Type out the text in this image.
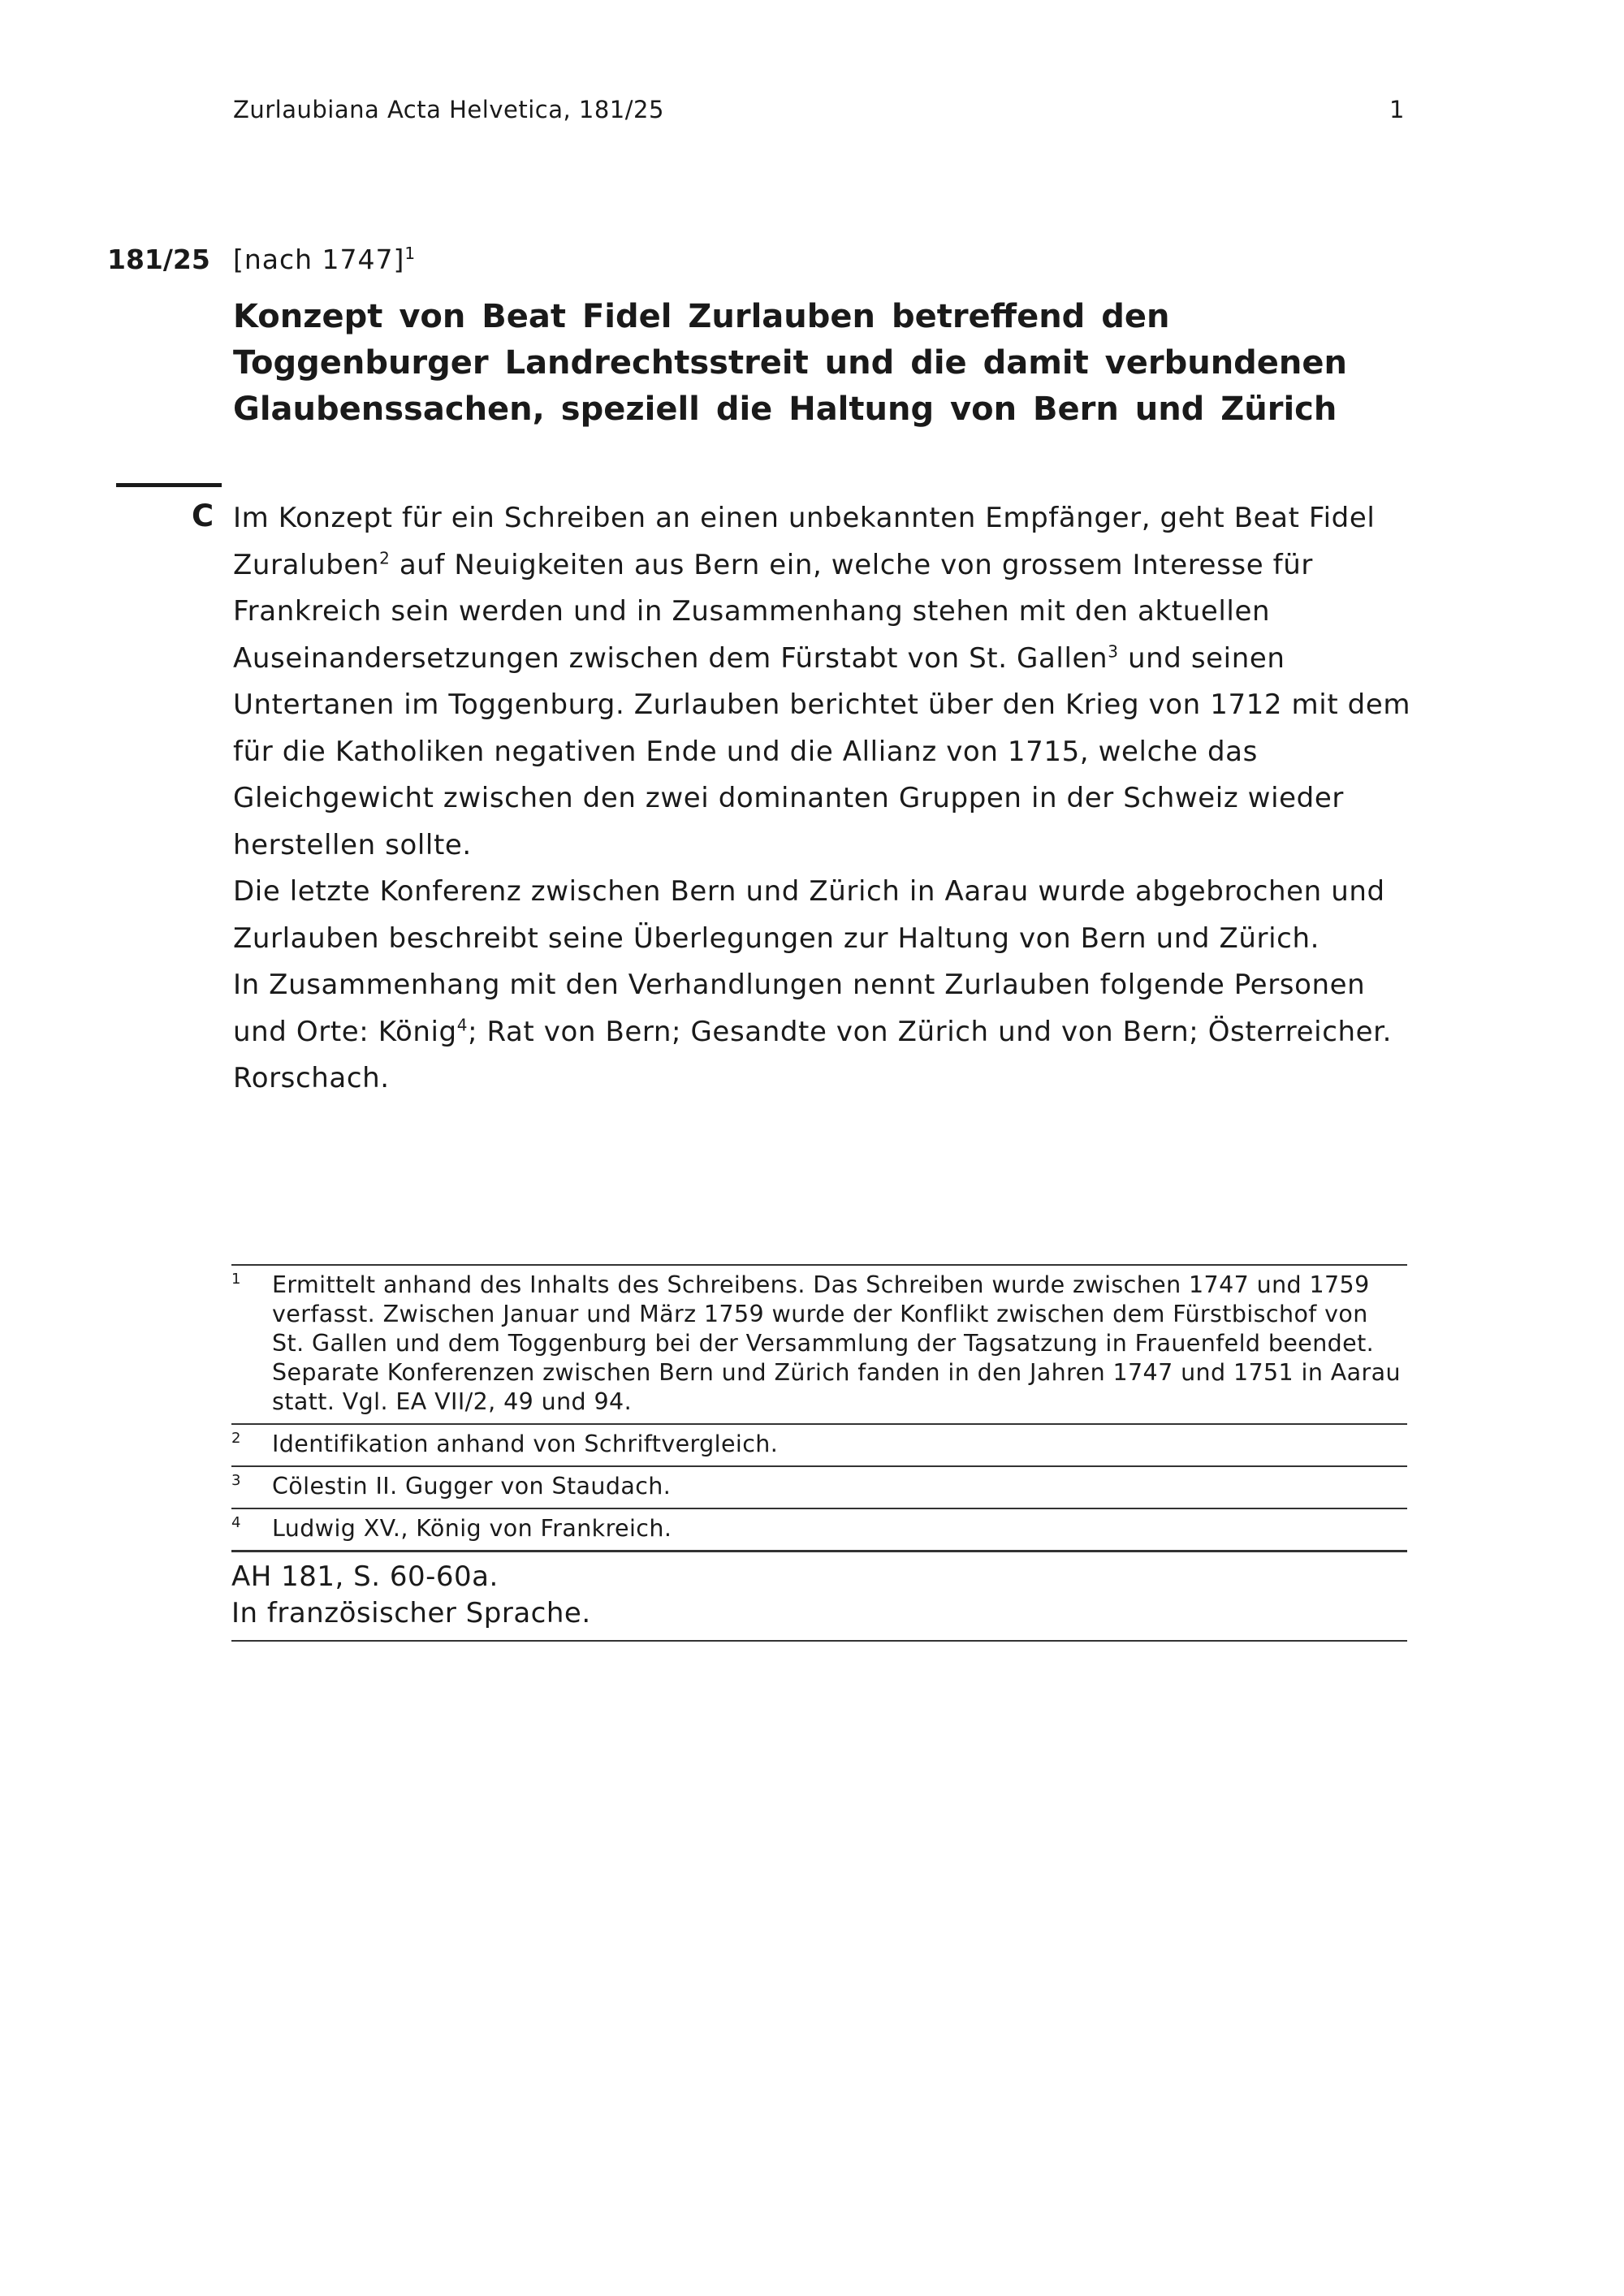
Zurlaubiana Acta Helvetica, 181/25	1
181/25 [nach 1747]$^1$
Konzept von Beat Fidel Zurlauben betreffend den Toggenburger Landrechtsstreit und die damit verbundenen Glaubenssachen, speziell die Haltung von Bern und Zürich
C Im Konzept für ein Schreiben an einen unbekannten Empfänger, geht Beat Fidel Zuraluben$^2$ auf Neuigkeiten aus Bern ein, welche von grossem Interesse für Frankreich sein werden und in Zusammenhang stehen mit den aktuellen Auseinandersetzungen zwischen dem Fürstabt von St. Gallen$^3$ und seinen Untertanen im Toggenburg. Zurlauben berichtet über den Krieg von 1712 mit dem für die Katholiken negativen Ende und die Allianz von 1715, welche das Gleichgewicht zwischen den zwei dominanten Gruppen in der Schweiz wieder herstellen sollte.

Die letzte Konferenz zwischen Bern und Zürich in Aarau wurde abgebrochen und Zurlauben beschreibt seine Überlegungen zur Haltung von Bern und Zürich.

In Zusammenhang mit den Verhandlungen nennt Zurlauben folgende Personen und Orte: König$^4$; Rat von Bern; Gesandte von Zürich und von Bern; Österreicher.

Rorschach.

1	Ermittelt anhand des Inhalts des Schreibens. Das Schreiben wurde zwischen 1747 und 1759 verfasst. Zwischen Januar und März 1759 wurde der Konflikt zwischen dem Fürstbischof von St. Gallen und dem Toggenburg bei der Versammlung der Tagsatzung in Frauenfeld beendet. Separate Konferenzen zwischen Bern und Zürich fanden in den Jahren 1747 und 1751 in Aarau statt. Vgl. EA VII/2, 49 und 94.
2	Identifikation anhand von Schriftvergleich.
3	Cölestin II. Gugger von Staudach.
4	Ludwig XV., König von Frankreich.
AH 181, S. 60-60a.
In französischer Sprache.
